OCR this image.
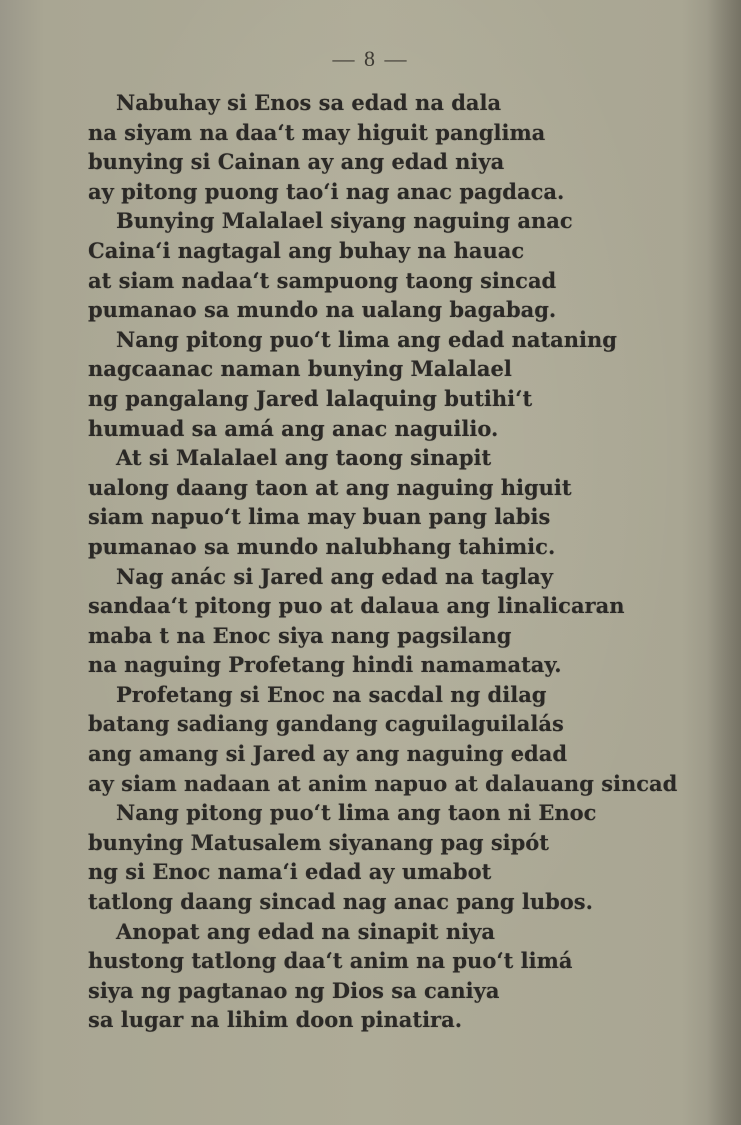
— 8 —
Nabuhay si Enos sa edad na dala
na siyam na daa‘t may higuit panglima
bunying si Cainan ay ang edad niya
ay pitong puong tao‘i nag anac pagdaca.
Bunying Malalael siyang naguing anac
Caina‘i nagtagal ang buhay na hauac
at siam nadaa‘t sampuong taong sincad
pumanao sa mundo na ualang bagabag.
Nang pitong puo‘t lima ang edad nataning
nagcaanac naman bunying Malalael
ng pangalang Jared lalaquing butihi‘t
humuad sa amá ang anac naguilio.
At si Malalael ang taong sinapit
ualong daang taon at ang naguing higuit
siam napuo‘t lima may buan pang labis
pumanao sa mundo nalubhang tahimic.
Nag anác si Jared ang edad na taglay
sandaa‘t pitong puo at dalaua ang linalicaran
maba t na Enoc siya nang pagsilang
na naguing Profetang hindi namamatay.
Profetang si Enoc na sacdal ng dilag
batang sadiang gandang caguilaguilalás
ang amang si Jared ay ang naguing edad
ay siam nadaan at anim napuo at dalauang sincad
Nang pitong puo‘t lima ang taon ni Enoc
bunying Matusalem siyanang pag sipót
ng si Enoc nama‘i edad ay umabot
tatlong daang sincad nag anac pang lubos.
Anopat ang edad na sinapit niya
hustong tatlong daa‘t anim na puo‘t limá
siya ng pagtanao ng Dios sa caniya
sa lugar na lihim doon pinatira.
